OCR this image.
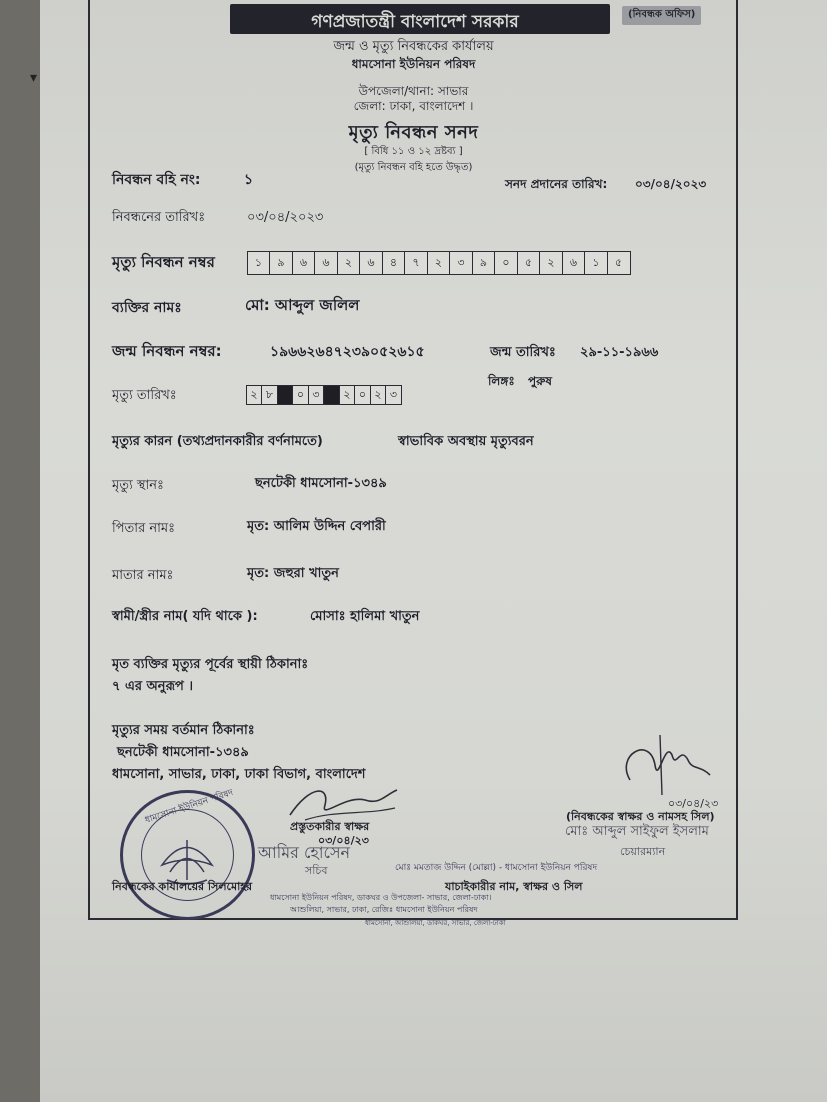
▾
গণপ্রজাতন্ত্রী বাংলাদেশ সরকার	(নিবন্ধক অফিস)
জন্ম ও মৃত্যু নিবন্ধকের কার্যালয়
ধামসোনা ইউনিয়ন পরিষদ
উপজেলা/থানা: সাভার
জেলা: ঢাকা, বাংলাদেশ ।
মৃত্যু নিবন্ধন সনদ
[ বিধি ১১ ও ১২ দ্রষ্টব্য ]
(মৃত্যু নিবন্ধন বহি হতে উদ্ধৃত)
নিবন্ধন বহি নং:	১	সনদ প্রদানের তারিখ: ০৩/০৪/২০২৩
নিবন্ধনের তারিখঃ	০৩/০৪/২০২৩
মৃত্যু নিবন্ধন নম্বর	১	৯	৬	৬	২	৬	৪	৭	২	৩	৯	০	৫	২	৬	১	৫
ব্যক্তির নামঃ	মো: আব্দুল জলিল
জন্ম নিবন্ধন নম্বর:	১৯৬৬২৬৪৭২৩৯০৫২৬১৫	জন্ম তারিখঃ ২৯-১১-১৯৬৬
মৃত্যু তারিখঃ	২ ৮ / ০ ৩ / ২ ০ ২ ৩
লিঙ্গঃ পুরুষ
মৃত্যুর কারন (তথ্যপ্রদানকারীর বর্ণনামতে)	স্বাভাবিক অবস্থায় মৃত্যুবরন
মৃত্যু স্থানঃ	ছনটেকী ধামসোনা-১৩৪৯
পিতার নামঃ	মৃত: আলিম উদ্দিন বেপারী
মাতার নামঃ	মৃত: জহুরা খাতুন
স্বামী/স্ত্রীর নাম( যদি থাকে ):	মোসাঃ হালিমা খাতুন
মৃত ব্যক্তির মৃত্যুর পূর্বের স্থায়ী ঠিকানাঃ
৭ এর অনুরূপ ।
মৃত্যুর সময় বর্তমান ঠিকানাঃ
ছনটেকী ধামসোনা-১৩৪৯
ধামসোনা, সাভার, ঢাকা, ঢাকা বিভাগ, বাংলাদেশ
ধামসোনা ইউনিয়ন পরিষদ
০৩/০৪/২৩
প্রস্তুতকারীর স্বাক্ষর
আমির হোসেন
সচিব
০৩/০৪/২৩
(নিবন্ধকের স্বাক্ষর ও নামসহ সিল)
মোঃ আব্দুল সাইফুল ইসলাম
চেয়ারম্যান
মোঃ মমতাজ উদ্দিন (মোল্লা) - ধামসোনা ইউনিয়ন পরিষদ
নিবন্ধকের কার্যালয়ের সিলমোহর	যাচাইকারীর নাম, স্বাক্ষর ও সিল
ধামসোনা ইউনিয়ন পরিষদ, ডাকঘর ও উপজেলা- সাভার, জেলা-ঢাকা।
আশুলিয়া, সাভার, ঢাকা, রেজিঃ ধামসোনা ইউনিয়ন পরিষদ
ধামসোনা, আশুলিয়া, ডাকঘর, সাভার, জেলা-ঢাকা
